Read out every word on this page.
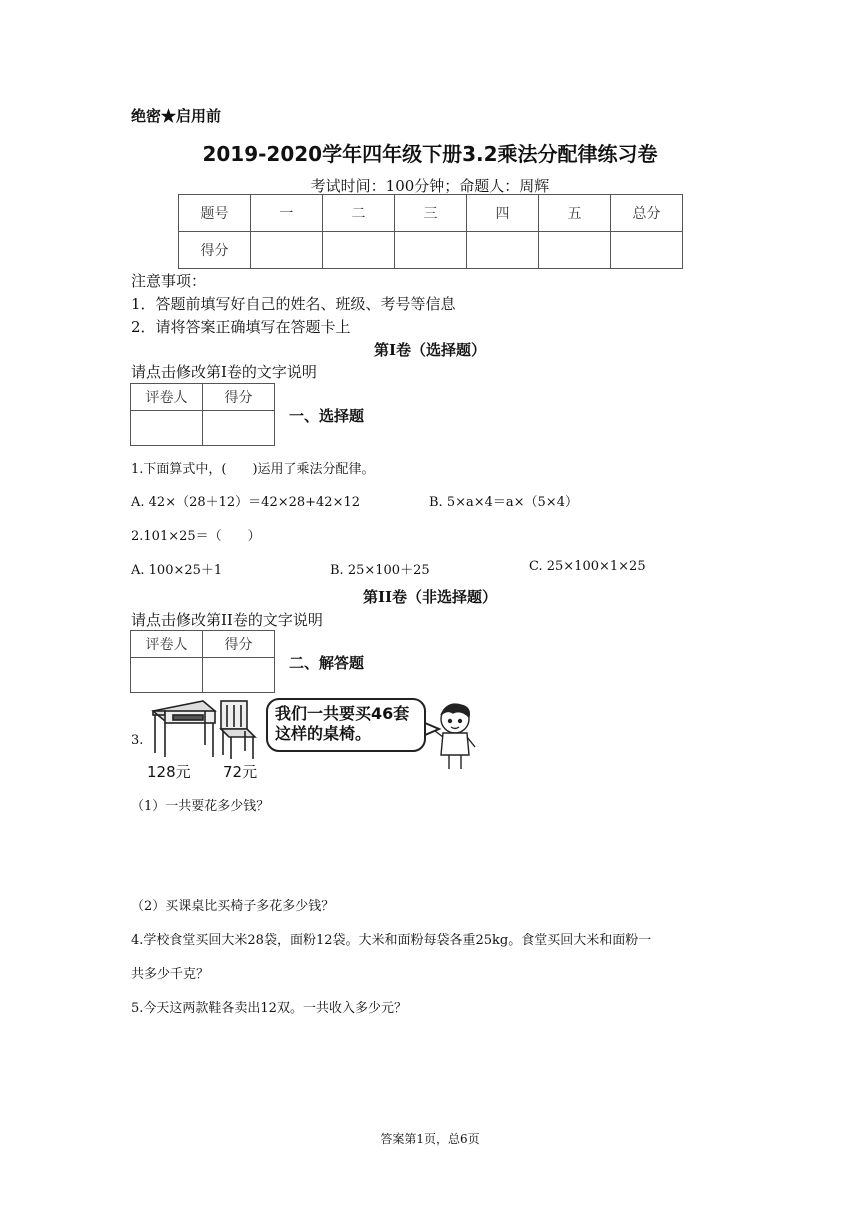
绝密★启用前
2019-2020学年四年级下册3.2乘法分配律练习卷
考试时间：100分钟；命题人：周辉
题号	一	二	三	四	五	总分
得分						
注意事项：
1．答题前填写好自己的姓名、班级、考号等信息
2．请将答案正确填写在答题卡上
第I卷（选择题）
请点击修改第I卷的文字说明
评卷人	得分

一、选择题
1.下面算式中，(　　)运用了乘法分配律。
A. 42×（28＋12）＝42×28+42×12	B. 5×a×4＝a×（5×4）
2.101×25＝（　　）
A. 100×25＋1	B. 25×100＋25	C. 25×100×1×25
第II卷（非选择题）
请点击修改第II卷的文字说明
评卷人	得分

二、解答题
3.
128元 72元
我们一共要买46套
这样的桌椅。
（1）一共要花多少钱？
（2）买课桌比买椅子多花多少钱？
4.学校食堂买回大米28袋，面粉12袋。大米和面粉每袋各重25kg。食堂买回大米和面粉一
共多少千克？
5.今天这两款鞋各卖出12双。一共收入多少元？
答案第1页，总6页
